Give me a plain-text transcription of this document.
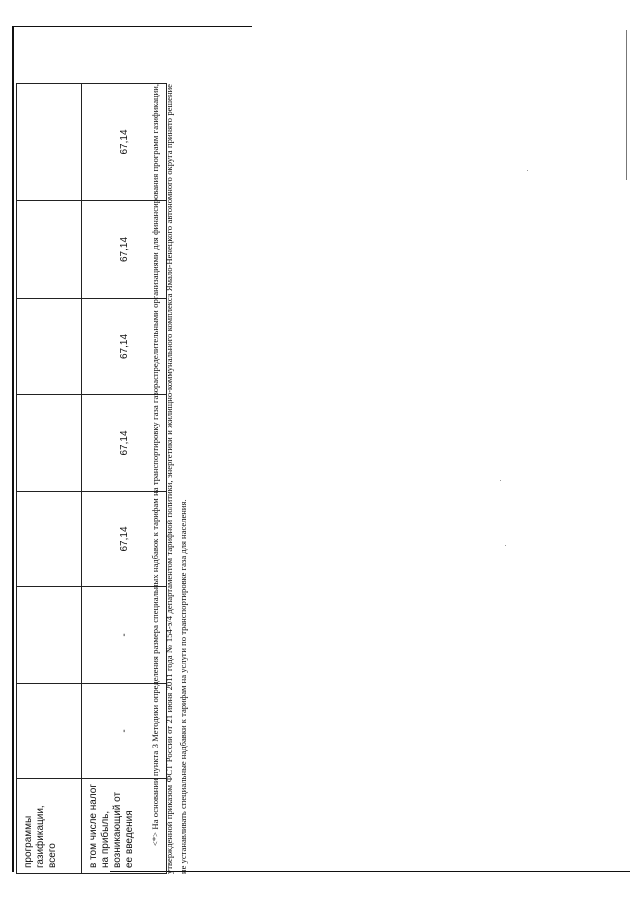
программы газификации, всего							
в том числе налог на прибыль, возникающий от ее введения	-	-	67,14	67,14	67,14	67,14	67,14 <*> На основании пункта 3 Методики определения размера специальных надбавок к тарифам на транспортировку газа газораспределительными организациями для финансирования программ газификации, утвержденной приказом ФСТ России от 21 июня 2011 года № 154-э/4 департаментом тарифной политики, энергетики и жилищно-коммунального комплекса Ямало-Ненецкого автономного округа принято решение не устанавливать специальные надбавки к тарифам на услуги по транспортировке газа для населения.
